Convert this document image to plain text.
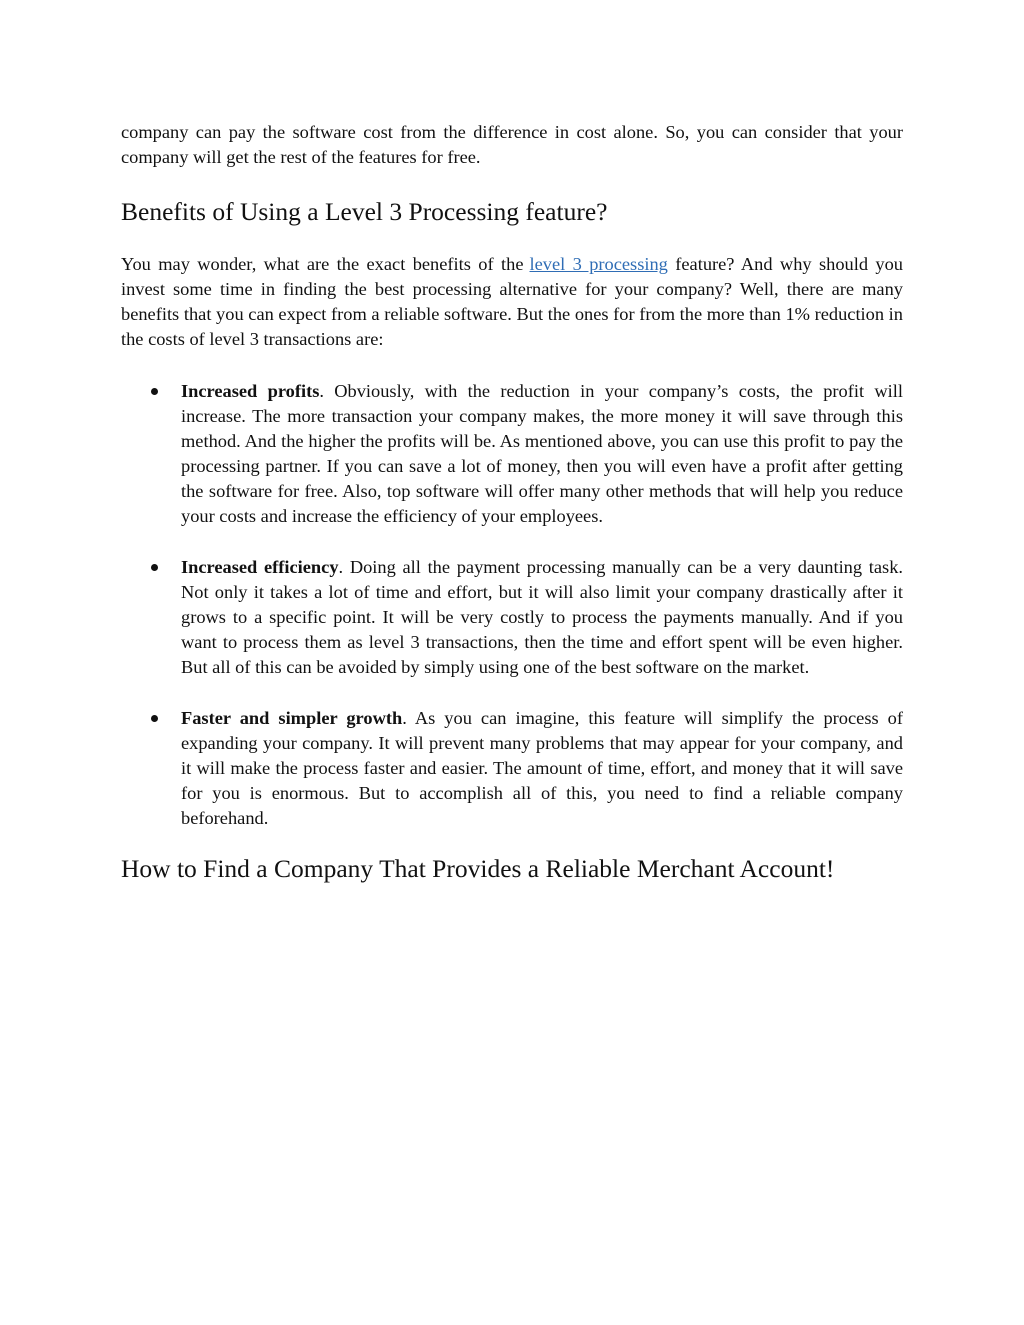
company can pay the software cost from the difference in cost alone. So, you can consider that your company will get the rest of the features for free.

Benefits of Using a Level 3 Processing feature?

You may wonder, what are the exact benefits of the level 3 processing feature? And why should you invest some time in finding the best processing alternative for your company? Well, there are many benefits that you can expect from a reliable software. But the ones for from the more than 1% reduction in the costs of level 3 transactions are:

Increased profits. Obviously, with the reduction in your company’s costs, the profit will increase. The more transaction your company makes, the more money it will save through this method. And the higher the profits will be. As mentioned above, you can use this profit to pay the processing partner. If you can save a lot of money, then you will even have a profit after getting the software for free. Also, top software will offer many other methods that will help you reduce your costs and increase the efficiency of your employees.

Increased efficiency. Doing all the payment processing manually can be a very daunting task. Not only it takes a lot of time and effort, but it will also limit your company drastically after it grows to a specific point. It will be very costly to process the payments manually. And if you want to process them as level 3 transactions, then the time and effort spent will be even higher. But all of this can be avoided by simply using one of the best software on the market.

Faster and simpler growth. As you can imagine, this feature will simplify the process of expanding your company. It will prevent many problems that may appear for your company, and it will make the process faster and easier. The amount of time, effort, and money that it will save for you is enormous. But to accomplish all of this, you need to find a reliable company beforehand.

How to Find a Company That Provides a Reliable Merchant Account!
